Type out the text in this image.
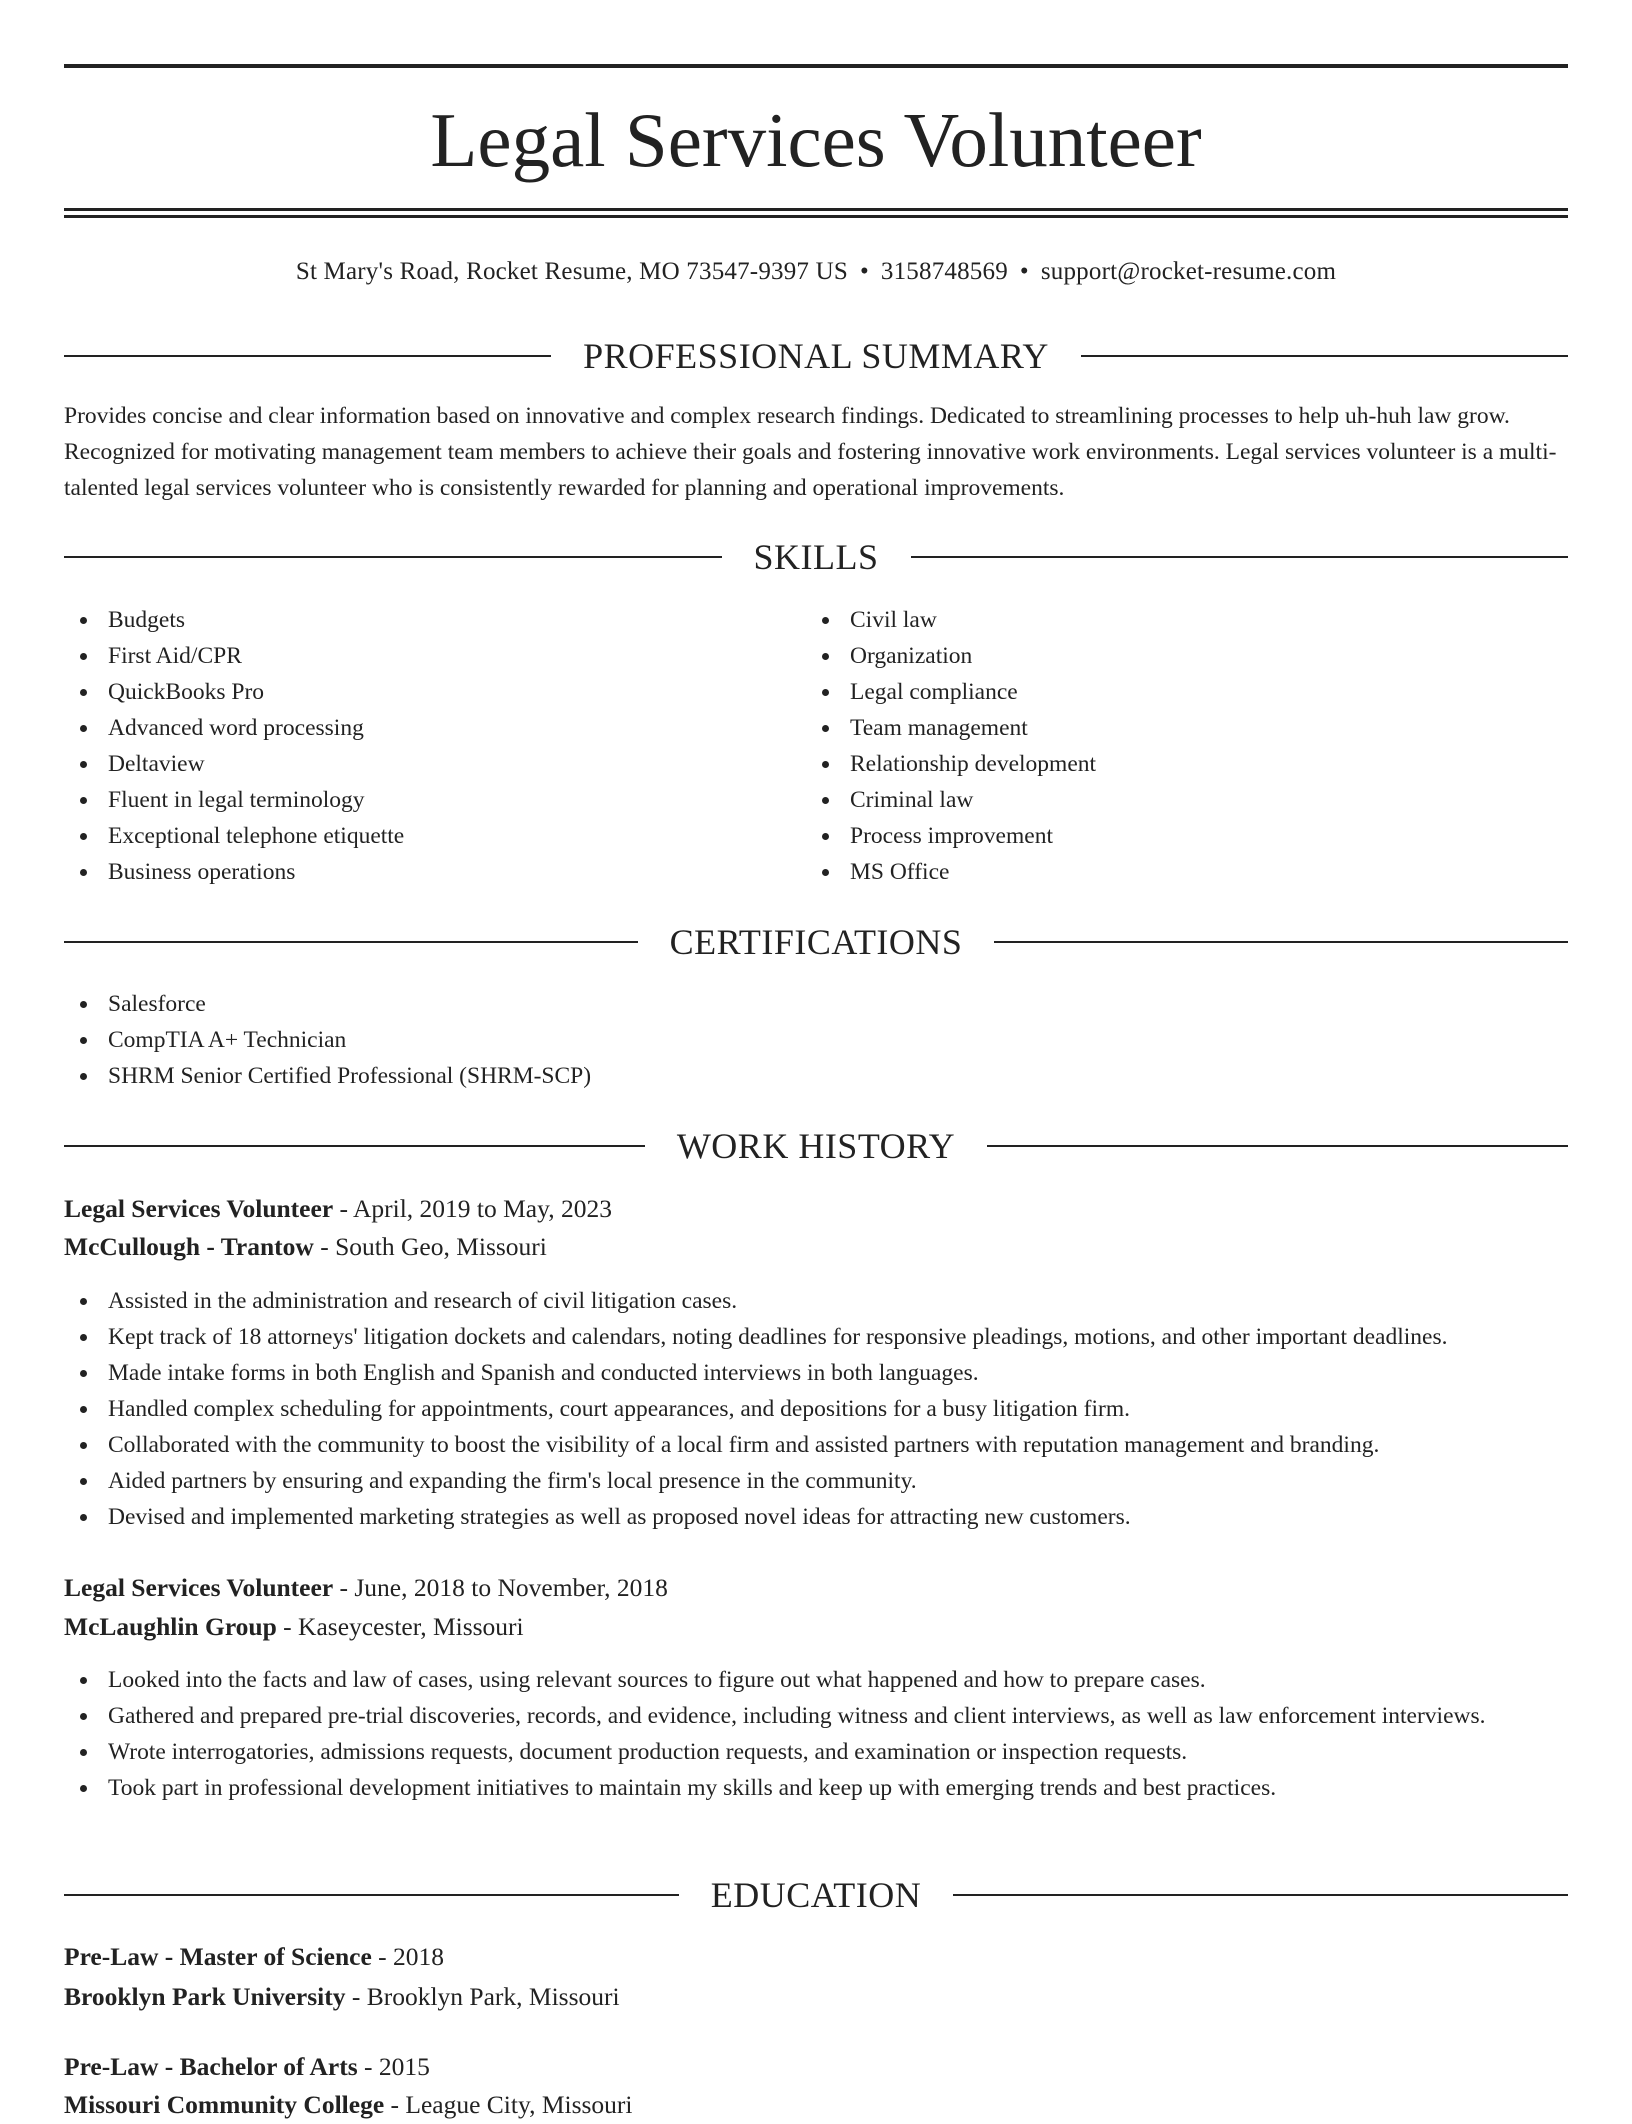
Legal Services Volunteer
St Mary's Road, Rocket Resume, MO 73547-9397 US • 3158748569 • support@rocket-resume.com
PROFESSIONAL SUMMARY

Provides concise and clear information based on innovative and complex research findings. Dedicated to streamlining processes to help uh-huh law grow. Recognized for motivating management team members to achieve their goals and fostering innovative work environments. Legal services volunteer is a multi-talented legal services volunteer who is consistently rewarded for planning and operational improvements.

SKILLS
Budgets
First Aid/CPR
QuickBooks Pro
Advanced word processing
Deltaview
Fluent in legal terminology
Exceptional telephone etiquette
Business operations
Civil law
Organization
Legal compliance
Team management
Relationship development
Criminal law
Process improvement
MS Office
CERTIFICATIONS
Salesforce
CompTIA A+ Technician
SHRM Senior Certified Professional (SHRM-SCP)
WORK HISTORY
Legal Services Volunteer - April, 2019 to May, 2023
McCullough - Trantow - South Geo, Missouri
Assisted in the administration and research of civil litigation cases.
Kept track of 18 attorneys' litigation dockets and calendars, noting deadlines for responsive pleadings, motions, and other important deadlines.
Made intake forms in both English and Spanish and conducted interviews in both languages.
Handled complex scheduling for appointments, court appearances, and depositions for a busy litigation firm.
Collaborated with the community to boost the visibility of a local firm and assisted partners with reputation management and branding.
Aided partners by ensuring and expanding the firm's local presence in the community.
Devised and implemented marketing strategies as well as proposed novel ideas for attracting new customers.
Legal Services Volunteer - June, 2018 to November, 2018
McLaughlin Group - Kaseycester, Missouri
Looked into the facts and law of cases, using relevant sources to figure out what happened and how to prepare cases.
Gathered and prepared pre-trial discoveries, records, and evidence, including witness and client interviews, as well as law enforcement interviews.
Wrote interrogatories, admissions requests, document production requests, and examination or inspection requests.
Took part in professional development initiatives to maintain my skills and keep up with emerging trends and best practices.
EDUCATION
Pre-Law - Master of Science - 2018
Brooklyn Park University - Brooklyn Park, Missouri
Pre-Law - Bachelor of Arts - 2015
Missouri Community College - League City, Missouri
